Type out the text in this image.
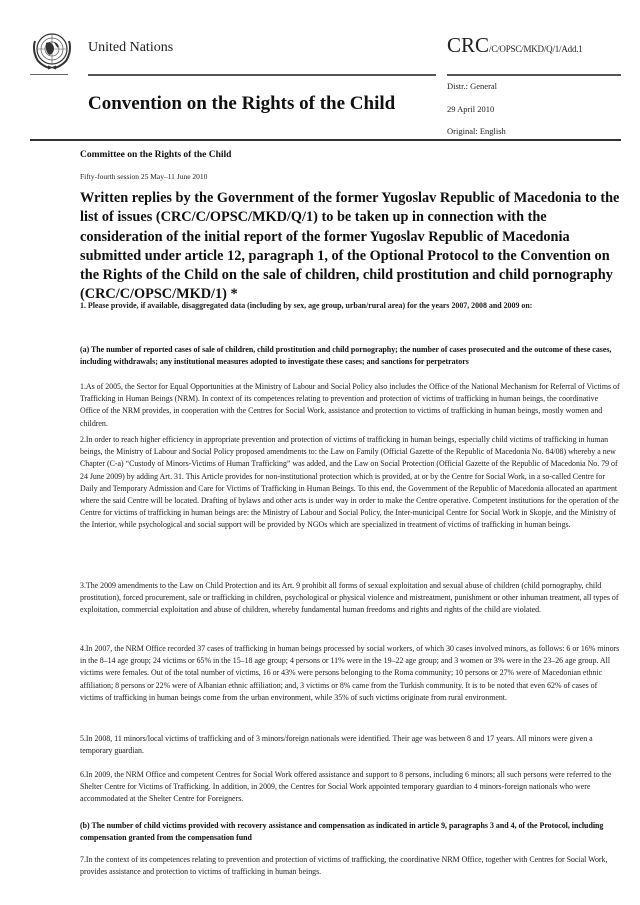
United Nations	CRC/C/OPSC/MKD/Q/1/Add.1
Distr.: General
Convention on the Rights of the Child	29 April 2010
Original: English
Committee on the Rights of the Child
Fifty-fourth session 25 May–11 June 2010
Written replies by the Government of the former Yugoslav Republic of Macedonia to the list of issues (CRC/C/OPSC/MKD/Q/1) to be taken up in connection with the consideration of the initial report of the former Yugoslav Republic of Macedonia submitted under article 12, paragraph 1, of the Optional Protocol to the Convention on the Rights of the Child on the sale of children, child prostitution and child pornography (CRC/C/OPSC/MKD/1) *
1. Please provide, if available, disaggregated data (including by sex, age group, urban/rural area) for the years 2007, 2008 and 2009 on:
(a) The number of reported cases of sale of children, child prostitution and child pornography; the number of cases prosecuted and the outcome of these cases, including withdrawals; any institutional measures adopted to investigate these cases; and sanctions for perpetrators
1.As of 2005, the Sector for Equal Opportunities at the Ministry of Labour and Social Policy also includes the Office of the National Mechanism for Referral of Victims of Trafficking in Human Beings (NRM). In context of its competences relating to prevention and protection of victims of trafficking in human beings, the coordinative Office of the NRM provides, in cooperation with the Centres for Social Work, assistance and protection to victims of trafficking in human beings, mostly women and children.
2.In order to reach higher efficiency in appropriate prevention and protection of victims of trafficking in human beings, especially child victims of trafficking in human beings, the Ministry of Labour and Social Policy proposed amendments to: the Law on Family (Official Gazette of the Republic of Macedonia No. 84/08) whereby a new Chapter (C-a) “Custody of Minors-Victims of Human Trafficking” was added, and the Law on Social Protection (Official Gazette of the Republic of Macedonia No. 79 of 24 June 2009) by adding Art. 31. This Article provides for non-institutional protection which is provided, at or by the Centre for Social Work, in a so-called Centre for Daily and Temporary Admission and Care for Victims of Trafficking in Human Beings. To this end, the Government of the Republic of Macedonia allocated an apartment where the said Centre will be located. Drafting of bylaws and other acts is under way in order to make the Centre operative. Competent institutions for the operation of the Centre for victims of trafficking in human beings are: the Ministry of Labour and Social Policy, the Inter-municipal Centre for Social Work in Skopje, and the Ministry of the Interior, while psychological and social support will be provided by NGOs which are specialized in treatment of victims of trafficking in human beings.
3.The 2009 amendments to the Law on Child Protection and its Art. 9 prohibit all forms of sexual exploitation and sexual abuse of children (child pornography, child prostitution), forced procurement, sale or trafficking in children, psychological or physical violence and mistreatment, punishment or other inhuman treatment, all types of exploitation, commercial exploitation and abuse of children, whereby fundamental human freedoms and rights and rights of the child are violated.
4.In 2007, the NRM Office recorded 37 cases of trafficking in human beings processed by social workers, of which 30 cases involved minors, as follows: 6 or 16% minors in the 8–14 age group; 24 victims or 65% in the 15–18 age group; 4 persons or 11% were in the 19–22 age group; and 3 women or 3% were in the 23–26 age group. All victims were females. Out of the total number of victims, 16 or 43% were persons belonging to the Roma community; 10 persons or 27% were of Macedonian ethnic affiliation; 8 persons or 22% were of Albanian ethnic affiliation; and, 3 victims or 8% came from the Turkish community. It is to be noted that even 62% of cases of victims of trafficking in human beings come from the urban environment, while 35% of such victims originate from rural environment.
5.In 2008, 11 minors/local victims of trafficking and of 3 minors/foreign nationals were identified. Their age was between 8 and 17 years. All minors were given a temporary guardian.
6.In 2009, the NRM Office and competent Centres for Social Work offered assistance and support to 8 persons, including 6 minors; all such persons were referred to the Shelter Centre for Victims of Trafficking. In addition, in 2009, the Centres for Social Work appointed temporary guardian to 4 minors-foreign nationals who were accommodated at the Shelter Centre for Foreigners.
(b) The number of child victims provided with recovery assistance and compensation as indicated in article 9, paragraphs 3 and 4, of the Protocol, including compensation granted from the compensation fund
7.In the context of its competences relating to prevention and protection of victims of trafficking, the coordinative NRM Office, together with Centres for Social Work, provides assistance and protection to victims of trafficking in human beings.
